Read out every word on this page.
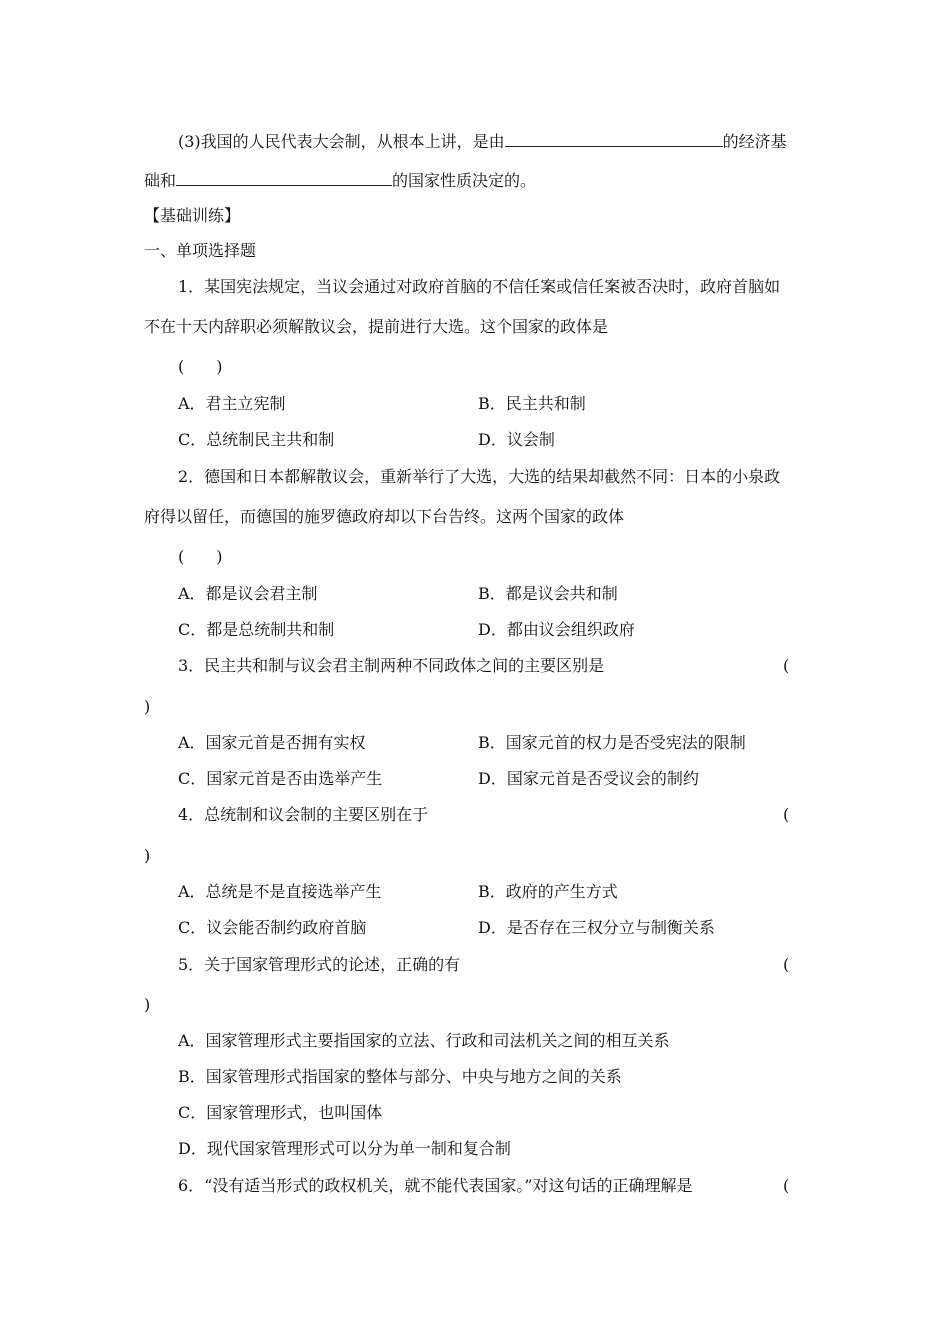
(3)我国的人民代表大会制，从根本上讲，是由	的经济基
础和	的国家性质决定的。
【基础训练】
一、单项选择题
1．某国宪法规定，当议会通过对政府首脑的不信任案或信任案被否决时，政府首脑如
不在十天内辞职必须解散议会，提前进行大选。这个国家的政体是
(　　)
A．君主立宪制	B．民主共和制
C．总统制民主共和制	D．议会制
2．德国和日本都解散议会，重新举行了大选，大选的结果却截然不同：日本的小泉政
府得以留任，而德国的施罗德政府却以下台告终。这两个国家的政体
(　　)
A．都是议会君主制	B．都是议会共和制
C．都是总统制共和制	D．都由议会组织政府
3．民主共和制与议会君主制两种不同政体之间的主要区别是	(
)
A．国家元首是否拥有实权	B．国家元首的权力是否受宪法的限制
C．国家元首是否由选举产生	D．国家元首是否受议会的制约
4．总统制和议会制的主要区别在于	(
)
A．总统是不是直接选举产生	B．政府的产生方式
C．议会能否制约政府首脑	D．是否存在三权分立与制衡关系
5．关于国家管理形式的论述，正确的有	(
)
A．国家管理形式主要指国家的立法、行政和司法机关之间的相互关系
B．国家管理形式指国家的整体与部分、中央与地方之间的关系
C．国家管理形式，也叫国体
D．现代国家管理形式可以分为单一制和复合制
6．“没有适当形式的政权机关，就不能代表国家。”对这句话的正确理解是	(
